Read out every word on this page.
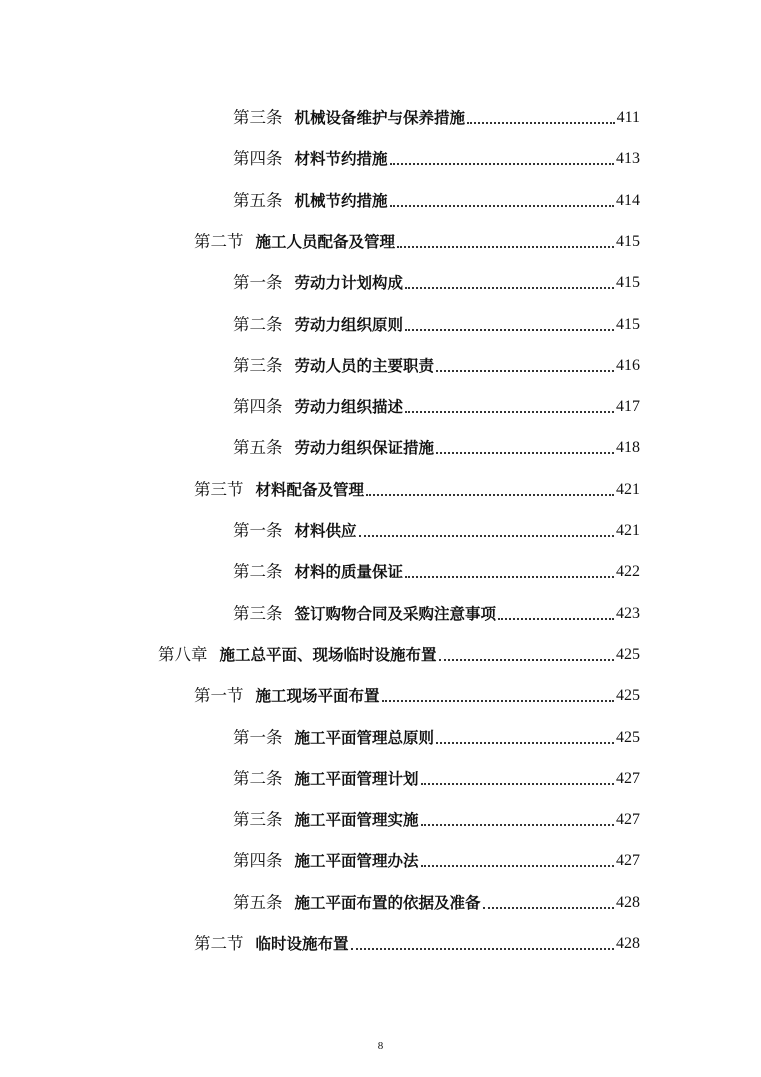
第三条 机械设备维护与保养措施	411
第四条 材料节约措施	413
第五条 机械节约措施	414
第二节 施工人员配备及管理	415
第一条 劳动力计划构成	415
第二条 劳动力组织原则	415
第三条 劳动人员的主要职责	416
第四条 劳动力组织描述	417
第五条 劳动力组织保证措施	418
第三节 材料配备及管理	421
第一条 材料供应	421
第二条 材料的质量保证	422
第三条 签订购物合同及采购注意事项	423
第八章 施工总平面、现场临时设施布置	425
第一节 施工现场平面布置	425
第一条 施工平面管理总原则	425
第二条 施工平面管理计划	427
第三条 施工平面管理实施	427
第四条 施工平面管理办法	427
第五条 施工平面布置的依据及准备	428
第二节 临时设施布置	428
8
